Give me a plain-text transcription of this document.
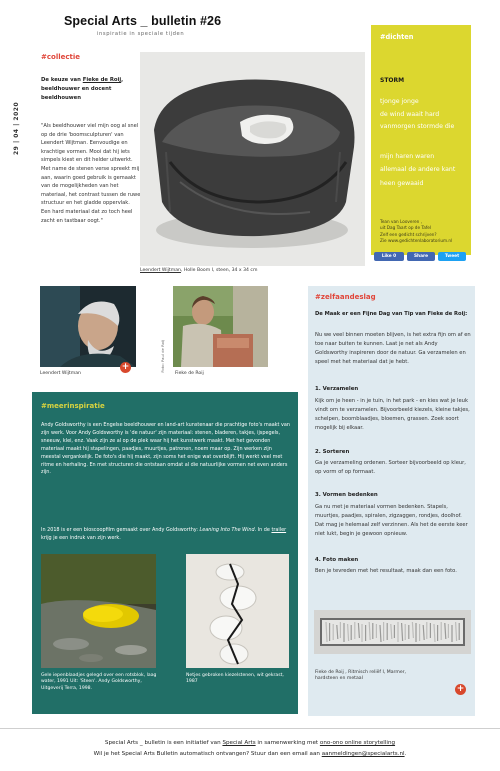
Special Arts _ bulletin #26
inspiratie in speciale tijden
29 | 04 | 2020
#collectie
De keuze van Fieke de Roij, beeldhouwer en docent beeldhouwen
"Als beeldhouwer viel mijn oog al snel op de drie 'boomsculpturen' van Leendert Wijtman. Eenvoudige en krachtige vormen. Mooi dat hij iets simpels kiest en dit helder uitwerkt. Met name de stenen verse spreekt mij aan, waarin goed gebruik is gemaakt van de mogelijkheden van het materiaal, het contrast tussen de ruwe structuur en het gladde oppervlak. Een hard materiaal dat zo toch heel zacht en tastbaar oogt."
Leendert Wijtman, Holle Boom I, steen, 34 x 34 cm
#dichten
STORM
tjonge jonge
de wind waait hard
vanmorgen stormde die
mijn haren waren
allemaal de andere kant
heen gewaaid
Tean van Looveren ,
uit Dag Taart op de Tafel
Zelf een gedicht schrijven?
Zie www.gedichtenlaboratorium.nl
Like 0	Share	Tweet
+
Leendert Wijtman
Foto: Paul de Roij
Fieke de Roij
#zelfaandeslag
De Maak er een Fijne Dag van Tip van Fieke de Roij:
Nu we veel binnen moeten blijven, is het extra fijn om af en toe naar buiten te kunnen. Laat je net als Andy Goldsworthy inspireren door de natuur. Ga verzamelen en speel met het materiaal dat je hebt.
1. Verzamelen
Kijk om je heen - in je tuin, in het park - en kies wat je leuk vindt om te verzamelen. Bijvoorbeeld kiezels, kleine takjes, schelpen, boomblaadjes, bloemen, grassen. Zoek soort mogelijk bij elkaar.
2. Sorteren
Ga je verzameling ordenen. Sorteer bijvoorbeeld op kleur, op vorm of op formaat.
3. Vormen bedenken
Ga nu met je materiaal vormen bedenken. Stapels, muurtjes, paadjes, spiralen, zigzaggen, rondjes, doolhof. Dat mag je helemaal zelf verzinnen. Als het de eerste keer niet lukt, begin je gewoon opnieuw.
4. Foto maken
Ben je tevreden met het resultaat, maak dan een foto.
Fieke de Roij , Ritmisch reliëf I, Marmer, hardsteen en metaal
+
#meerinspiratie
Andy Goldsworthy is een Engelse beeldhouwer en land-art kunstenaar die prachtige foto's maakt van zijn werk. Voor Andy Goldsworthy is 'de natuur' zijn materiaal: stenen, bladeren, takjes, ijspegels, sneeuw, klei, enz. Vaak zijn ze al op de plek waar hij het kunstwerk maakt. Met het gevonden materiaal maakt hij stapelingen, paadjes, muurtjes, patronen, noem maar op. Zijn werken zijn meestal vergankelijk. De foto's die hij maakt, zijn soms het enige wat overblijft. Hij werkt veel met ritme en herhaling. En met structuren die ontstaan omdat al die natuurlijke vormen net even anders zijn.
In 2018 is er een bioscoopfilm gemaakt over Andy Goldsworthy: Leaning Into The Wind. In de trailer krijg je een indruk van zijn werk.
Gele iepenblaadjes gelegd over een rotsblok, laag water, 1991 Uit: 'Steen'. Andy Goldsworthy, Uitgeverij Terra, 1998.
Netjes gebroken kiezelstenen, wit gekrast, 1987
Special Arts _ bulletin is een initiatief van Special Arts in samenwerking met ono-ono online storytelling
Wil je het Special Arts Bulletin automatisch ontvangen? Stuur dan een email aan aanmeldingen@specialarts.nl.
